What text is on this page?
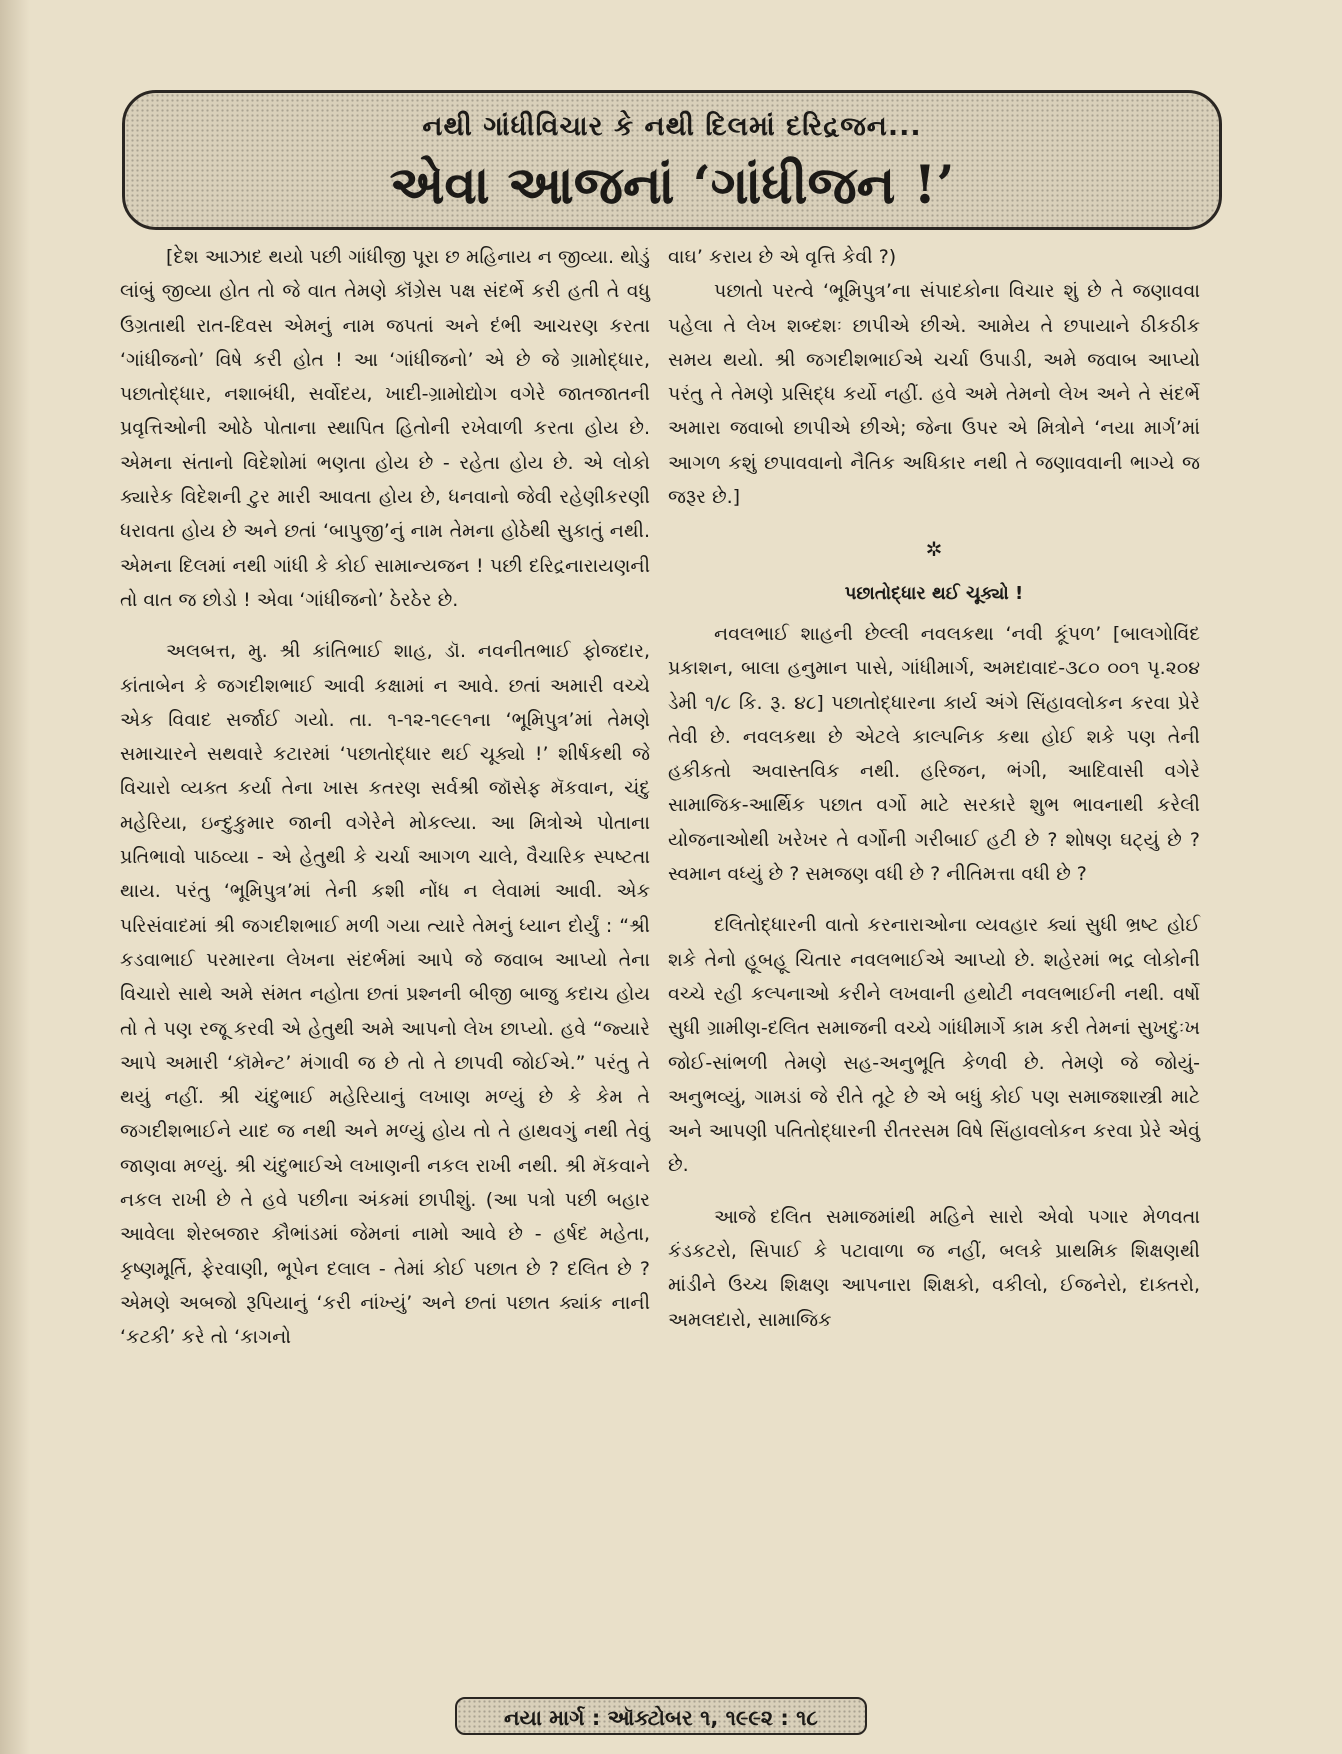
નથી ગાંધીવિચાર કે નથી દિલમાં દરિદ્રજન...
એવા આજનાં ‘ગાંધીજન !’

[દેશ આઝાદ થયો પછી ગાંધીજી પૂરા છ મહિનાય ન જીવ્યા. થોડું લાંબું જીવ્યા હોત તો જે વાત તેમણે કૉંગ્રેસ પક્ષ સંદર્ભે કરી હતી તે વધુ ઉગ્રતાથી રાત-દિવસ એમનું નામ જપતાં અને દંભી આચરણ કરતા ‘ગાંધીજનો’ વિષે કરી હોત ! આ ‘ગાંધીજનો’ એ છે જે ગ્રામોદ્ધાર, પછાતોદ્ધાર, નશાબંધી, સર્વોદય, ખાદી-ગ્રામોદ્યોગ વગેરે જાતજાતની પ્રવૃત્તિઓની ઓઠે પોતાના સ્થાપિત હિતોની રખેવાળી કરતા હોય છે. એમના સંતાનો વિદેશોમાં ભણતા હોય છે - રહેતા હોય છે. એ લોકો ક્યારેક વિદેશની ટુર મારી આવતા હોય છે, ધનવાનો જેવી રહેણીકરણી ધરાવતા હોય છે અને છતાં ‘બાપુજી’નું નામ તેમના હોઠેથી સુકાતું નથી. એમના દિલમાં નથી ગાંધી કે કોઈ સામાન્યજન ! પછી દરિદ્રનારાયણની તો વાત જ છોડો ! એવા ‘ગાંધીજનો’ ઠેરઠેર છે.

અલબત્ત, મુ. શ્રી કાંતિભાઈ શાહ, ડૉ. નવનીતભાઈ ફોજદાર, કાંતાબેન કે જગદીશભાઈ આવી કક્ષામાં ન આવે. છતાં અમારી વચ્ચે એક વિવાદ સર્જાઈ ગયો. તા. ૧-૧૨-૧૯૯૧ના ‘ભૂમિપુત્ર’માં તેમણે સમાચારને સથવારે કટારમાં ‘પછાતોદ્ધાર થઈ ચૂક્યો !’ શીર્ષકથી જે વિચારો વ્યક્ત કર્યા તેના ખાસ કતરણ સર્વશ્રી જૉસેફ મૅકવાન, ચંદુ મહેરિયા, ઇન્દુકુમાર જાની વગેરેને મોકલ્યા. આ મિત્રોએ પોતાના પ્રતિભાવો પાઠવ્યા - એ હેતુથી કે ચર્ચા આગળ ચાલે, વૈચારિક સ્પષ્ટતા થાય. પરંતુ ‘ભૂમિપુત્ર’માં તેની કશી નોંધ ન લેવામાં આવી. એક પરિસંવાદમાં શ્રી જગદીશભાઈ મળી ગયા ત્યારે તેમનું ધ્યાન દોર્યું : “શ્રી કડવાભાઈ પરમારના લેખના સંદર્ભમાં આપે જે જવાબ આપ્યો તેના વિચારો સાથે અમે સંમત નહોતા છતાં પ્રશ્નની બીજી બાજુ કદાચ હોય તો તે પણ રજૂ કરવી એ હેતુથી અમે આપનો લેખ છાપ્યો. હવે “જ્યારે આપે અમારી ‘કૉમેન્ટ’ મંગાવી જ છે તો તે છાપવી જોઈએ.” પરંતુ તે થયું નહીં. શ્રી ચંદુભાઈ મહેરિયાનું લખાણ મળ્યું છે કે કેમ તે જગદીશભાઈને યાદ જ નથી અને મળ્યું હોય તો તે હાથવગું નથી તેવું જાણવા મળ્યું. શ્રી ચંદુભાઈએ લખાણની નકલ રાખી નથી. શ્રી મૅકવાને નકલ રાખી છે તે હવે પછીના અંકમાં છાપીશું. (આ પત્રો પછી બહાર આવેલા શેરબજાર કૌભાંડમાં જેમનાં નામો આવે છે - હર્ષદ મહેતા, કૃષ્ણમૂર્તિ, ફેરવાણી, ભૂપેન દલાલ - તેમાં કોઈ પછાત છે ? દલિત છે ? એમણે અબજો રૂપિયાનું ‘કરી નાંખ્યું’ અને છતાં પછાત ક્યાંક નાની ‘કટકી’ કરે તો ‘કાગનો

વાઘ’ કરાય છે એ વૃત્તિ કેવી ?)

પછાતો પરત્વે ‘ભૂમિપુત્ર’ના સંપાદકોના વિચાર શું છે તે જણાવવા પહેલા તે લેખ શબ્દશઃ છાપીએ છીએ. આમેય તે છપાયાને ઠીકઠીક સમય થયો. શ્રી જગદીશભાઈએ ચર્ચા ઉપાડી, અમે જવાબ આપ્યો પરંતુ તે તેમણે પ્રસિદ્ધ કર્યો નહીં. હવે અમે તેમનો લેખ અને તે સંદર્ભે અમારા જવાબો છાપીએ છીએ; જેના ઉપર એ મિત્રોને ‘નયા માર્ગ’માં આગળ કશું છપાવવાનો નૈતિક અધિકાર નથી તે જણાવવાની ભાગ્યે જ જરૂર છે.]

✲
પછાતોદ્ધાર થઈ ચૂક્યો !

નવલભાઈ શાહની છેલ્લી નવલકથા ‘નવી કૂંપળ’ [બાલગોવિંદ પ્રકાશન, બાલા હનુમાન પાસે, ગાંધીમાર્ગ, અમદાવાદ-૩૮૦ ૦૦૧ પૃ.૨૦૪ ડેમી ૧/૮ કિ. રૂ. ૪૮] પછાતોદ્ધારના કાર્ય અંગે સિંહાવલોકન કરવા પ્રેરે તેવી છે. નવલકથા છે એટલે કાલ્પનિક કથા હોઈ શકે પણ તેની હકીકતો અવાસ્તવિક નથી. હરિજન, ભંગી, આદિવાસી વગેરે સામાજિક-આર્થિક પછાત વર્ગો માટે સરકારે શુભ ભાવનાથી કરેલી યોજનાઓથી ખરેખર તે વર્ગોની ગરીબાઈ હટી છે ? શોષણ ઘટ્યું છે ? સ્વમાન વધ્યું છે ? સમજણ વધી છે ? નીતિમત્તા વધી છે ?

દલિતોદ્ધારની વાતો કરનારાઓના વ્યવહાર ક્યાં સુધી ભ્રષ્ટ હોઈ શકે તેનો હૂબહૂ ચિતાર નવલભાઈએ આપ્યો છે. શહેરમાં ભદ્ર લોકોની વચ્ચે રહી કલ્પનાઓ કરીને લખવાની હથોટી નવલભાઈની નથી. વર્ષો સુધી ગ્રામીણ-દલિત સમાજની વચ્ચે ગાંધીમાર્ગે કામ કરી તેમનાં સુખદુઃખ જોઈ-સાંભળી તેમણે સહ-અનુભૂતિ કેળવી છે. તેમણે જે જોયું-અનુભવ્યું, ગામડાં જે રીતે તૂટે છે એ બધું કોઈ પણ સમાજશાસ્ત્રી માટે અને આપણી પતિતોદ્ધારની રીતરસમ વિષે સિંહાવલોકન કરવા પ્રેરે એવું છે.

આજે દલિત સમાજમાંથી મહિને સારો એવો પગાર મેળવતા કંડકટરો, સિપાઈ કે પટાવાળા જ નહીં, બલકે પ્રાથમિક શિક્ષણથી માંડીને ઉચ્ચ શિક્ષણ આપનારા શિક્ષકો, વકીલો, ઈજનેરો, દાક્તરો, અમલદારો, સામાજિક

નયા માર્ગ : ઑક્ટોબર ૧, ૧૯૯૨ : ૧૮
